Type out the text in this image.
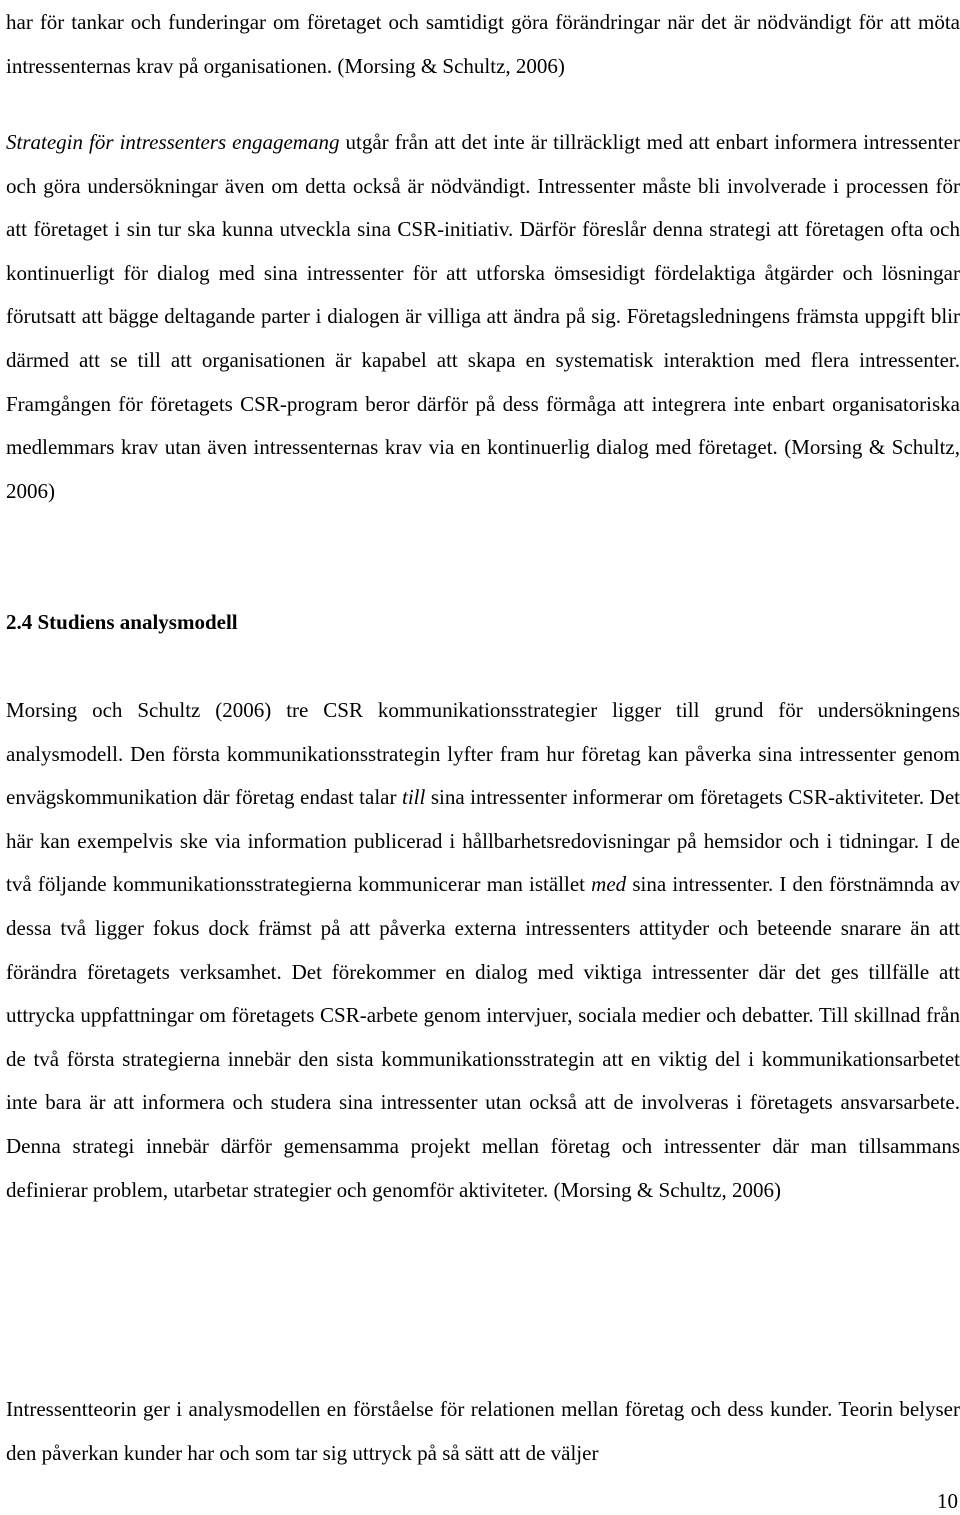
har för tankar och funderingar om företaget och samtidigt göra förändringar när det är nödvändigt för att möta intressenternas krav på organisationen. (Morsing & Schultz, 2006)

Strategin för intressenters engagemang utgår från att det inte är tillräckligt med att enbart informera intressenter och göra undersökningar även om detta också är nödvändigt. Intressenter måste bli involverade i processen för att företaget i sin tur ska kunna utveckla sina CSR-initiativ. Därför föreslår denna strategi att företagen ofta och kontinuerligt för dialog med sina intressenter för att utforska ömsesidigt fördelaktiga åtgärder och lösningar förutsatt att bägge deltagande parter i dialogen är villiga att ändra på sig. Företagsledningens främsta uppgift blir därmed att se till att organisationen är kapabel att skapa en systematisk interaktion med flera intressenter. Framgången för företagets CSR-program beror därför på dess förmåga att integrera inte enbart organisatoriska medlemmars krav utan även intressenternas krav via en kontinuerlig dialog med företaget. (Morsing & Schultz, 2006)

2.4 Studiens analysmodell

Morsing och Schultz (2006) tre CSR kommunikationsstrategier ligger till grund för undersökningens analysmodell. Den första kommunikationsstrategin lyfter fram hur företag kan påverka sina intressenter genom envägskommunikation där företag endast talar till sina intressenter informerar om företagets CSR-aktiviteter. Det här kan exempelvis ske via information publicerad i hållbarhetsredovisningar på hemsidor och i tidningar. I de två följande kommunikationsstrategierna kommunicerar man istället med sina intressenter. I den förstnämnda av dessa två ligger fokus dock främst på att påverka externa intressenters attityder och beteende snarare än att förändra företagets verksamhet. Det förekommer en dialog med viktiga intressenter där det ges tillfälle att uttrycka uppfattningar om företagets CSR-arbete genom intervjuer, sociala medier och debatter. Till skillnad från de två första strategierna innebär den sista kommunikationsstrategin att en viktig del i kommunikationsarbetet inte bara är att informera och studera sina intressenter utan också att de involveras i företagets ansvarsarbete. Denna strategi innebär därför gemensamma projekt mellan företag och intressenter där man tillsammans definierar problem, utarbetar strategier och genomför aktiviteter. (Morsing & Schultz, 2006)

Intressentteorin ger i analysmodellen en förståelse för relationen mellan företag och dess kunder. Teorin belyser den påverkan kunder har och som tar sig uttryck på så sätt att de väljer

10
